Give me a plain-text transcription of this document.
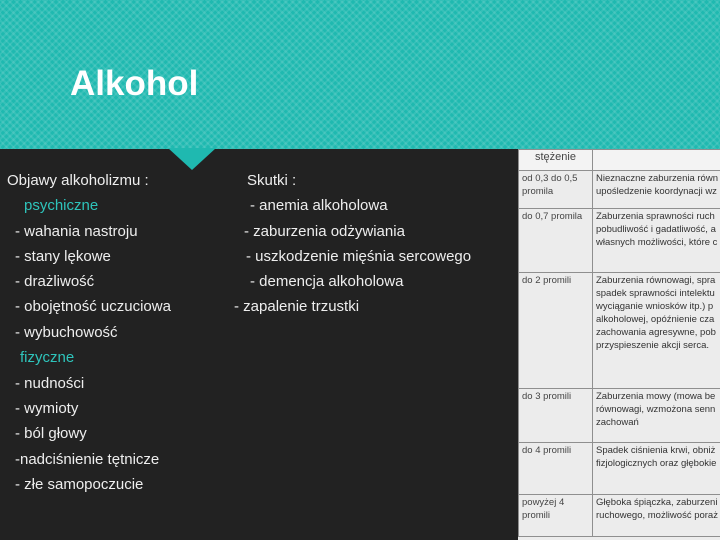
Alkohol
Objawy alkoholizmu :
psychiczne
- wahania nastroju
- stany lękowe
- drażliwość
- obojętność uczuciowa
- wybuchowość
fizyczne
- nudności
- wymioty
- ból głowy
-nadciśnienie tętnicze
- złe samopoczucie
Skutki :
- anemia alkoholowa
- zaburzenia odżywiania
- uszkodzenie mięśnia sercowego
- demencja alkoholowa
- zapalenie trzustki
stężenie	
od 0,3 do 0,5 promila	Nieznaczne zaburzenia równ upośledzenie koordynacji wz
do 0,7 promila	Zaburzenia sprawności ruch pobudliwość i gadatliwość, a własnych możliwości, które c
do 2 promili	Zaburzenia równowagi, spra spadek sprawności intelektu wyciąganie wniosków itp.) p alkoholowej, opóźnienie cza zachowania agresywne, pob przyspieszenie akcji serca.
do 3 promili	Zaburzenia mowy (mowa be równowagi, wzmożona senn zachowań
do 4 promili	Spadek ciśnienia krwi, obniż fizjologicznych oraz głębokie
powyżej 4 promili	Głęboka śpiączka, zaburzeni ruchowego, możliwość poraż
